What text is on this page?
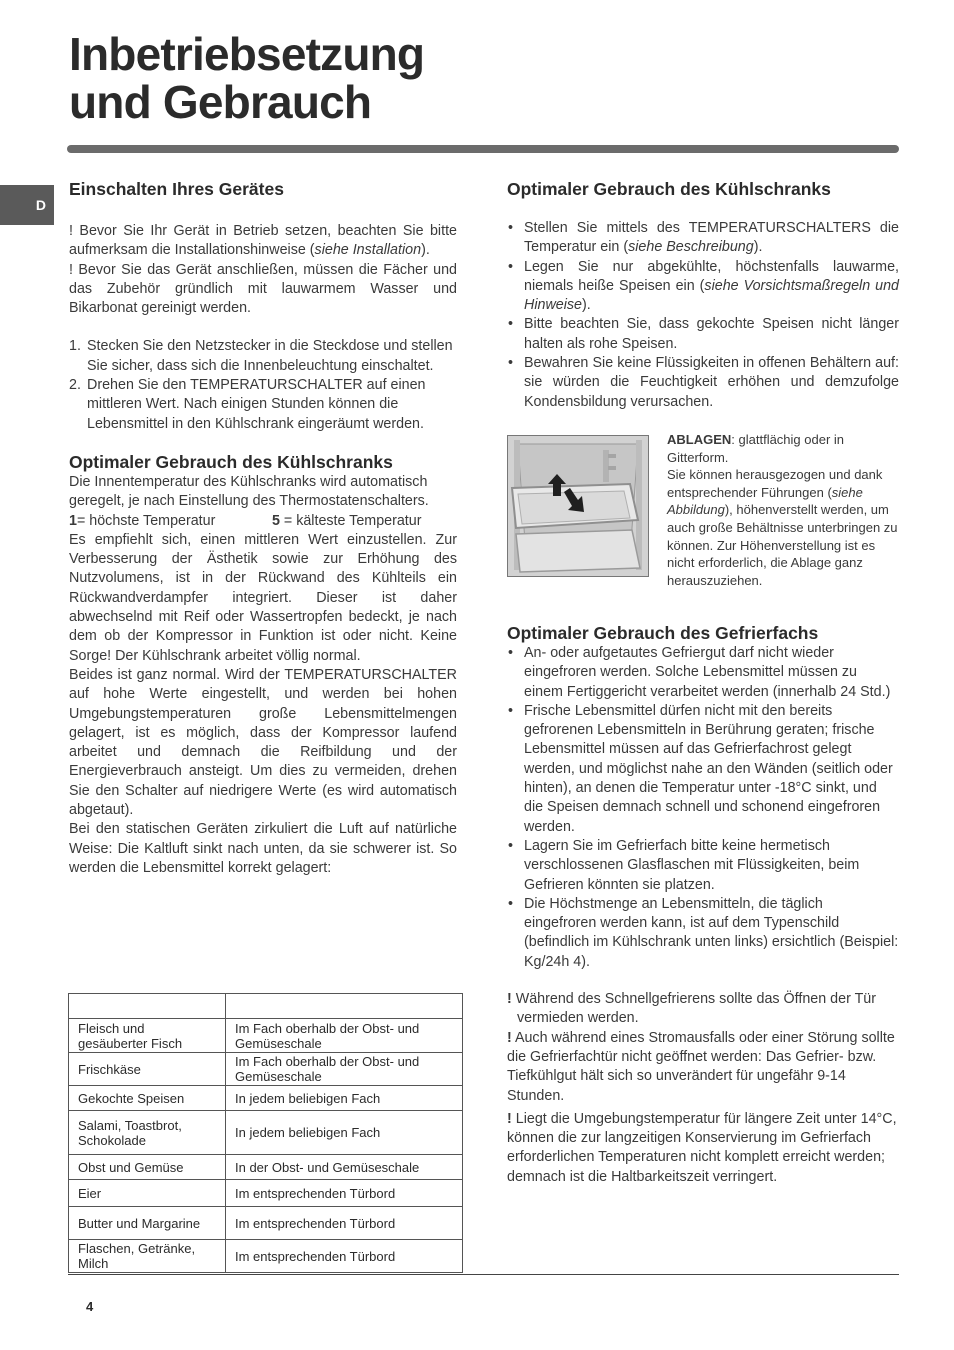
Inbetriebsetzung
und Gebrauch
D
Einschalten Ihres Gerätes

! Bevor Sie Ihr Gerät in Betrieb setzen, beachten Sie bitte aufmerksam die Installationshinweise (siehe Installation).

! Bevor Sie das Gerät anschließen, müssen die Fächer und das Zubehör gründlich mit lauwarmem Wasser und Bikarbonat gereinigt werden.

1. Stecken Sie den Netzstecker in die Steckdose und stellen Sie sicher, dass sich die Innenbeleuchtung einschaltet.
2. Drehen Sie den TEMPERATURSCHALTER auf einen mittleren Wert. Nach einigen Stunden können die Lebensmittel in den Kühlschrank eingeräumt werden.
Optimaler Gebrauch des Kühlschranks

Die Innentemperatur des Kühlschranks wird automatisch geregelt, je nach Einstellung des Thermostatenschalters.

1= höchste Temperatur	5 = kälteste Temperatur

Es empfiehlt sich, einen mittleren Wert einzustellen. Zur Verbesserung der Ästhetik sowie zur Erhöhung des Nutzvolumens, ist in der Rückwand des Kühlteils ein Rückwandverdampfer integriert. Dieser ist daher abwechselnd mit Reif oder Wassertropfen bedeckt, je nach dem ob der Kompressor in Funktion ist oder nicht. Keine Sorge! Der Kühlschrank arbeitet völlig normal.

Beides ist ganz normal. Wird der TEMPERATURSCHALTER auf hohe Werte eingestellt, und werden bei hohen Umgebungstemperaturen große Lebensmittelmengen gelagert, ist es möglich, dass der Kompressor laufend arbeitet und demnach die Reifbildung und der Energieverbrauch ansteigt. Um dies zu vermeiden, drehen Sie den Schalter auf niedrigere Werte (es wird automatisch abgetaut).

Bei den statischen Geräten zirkuliert die Luft auf natürliche Weise: Die Kaltluft sinkt nach unten, da sie schwerer ist. So werden die Lebensmittel korrekt gelagert:

Fleisch und gesäuberter Fisch	Im Fach oberhalb der Obst- und Gemüseschale
Frischkäse	Im Fach oberhalb der Obst- und Gemüseschale
Gekochte Speisen	In jedem beliebigen Fach
Salami, Toastbrot, Schokolade	In jedem beliebigen Fach
Obst und Gemüse	In der Obst- und Gemüseschale
Eier	Im entsprechenden Türbord
Butter und Margarine	Im entsprechenden Türbord
Flaschen, Getränke, Milch	Im entsprechenden Türbord
Optimaler Gebrauch des Kühlschranks
• Stellen Sie mittels des TEMPERATURSCHALTERS die Temperatur ein (siehe Beschreibung).
• Legen Sie nur abgekühlte, höchstenfalls lauwarme, niemals heiße Speisen ein (siehe Vorsichtsmaßregeln und Hinweise).
• Bitte beachten Sie, dass gekochte Speisen nicht länger halten als rohe Speisen.
• Bewahren Sie keine Flüssigkeiten in offenen Behältern auf: sie würden die Feuchtigkeit erhöhen und demzufolge Kondensbildung verursachen.

ABLAGEN: glattflächig oder in Gitterform.

Sie können herausgezogen und dank entsprechender Führungen (siehe Abbildung), höhenverstellt werden, um auch große Behältnisse unterbringen zu können. Zur Höhenverstellung ist es nicht erforderlich, die Ablage ganz herauszuziehen.

Optimaler Gebrauch des Gefrierfachs
• An- oder aufgetautes Gefriergut darf nicht wieder eingefroren werden. Solche Lebensmittel müssen zu einem Fertiggericht verarbeitet werden (innerhalb 24 Std.)
• Frische Lebensmittel dürfen nicht mit den bereits gefrorenen Lebensmitteln in Berührung geraten; frische Lebensmittel müssen auf das Gefrierfachrost gelegt werden, und möglichst nahe an den Wänden (seitlich oder hinten), an denen die Temperatur unter -18°C sinkt, und die Speisen demnach schnell und schonend eingefroren werden.
• Lagern Sie im Gefrierfach bitte keine hermetisch verschlossenen Glasflaschen mit Flüssigkeiten, beim Gefrieren könnten sie platzen.
• Die Höchstmenge an Lebensmitteln, die täglich eingefroren werden kann, ist auf dem Typenschild (befindlich im Kühlschrank unten links) ersichtlich (Beispiel: Kg/24h 4).

! Während des Schnellgefrierens sollte das Öffnen der Tür vermieden werden.

! Auch während eines Stromausfalls oder einer Störung sollte die Gefrierfachtür nicht geöffnet werden: Das Gefrier- bzw. Tiefkühlgut hält sich so unverändert für ungefähr 9-14 Stunden.

! Liegt die Umgebungstemperatur für längere Zeit unter 14°C, können die zur langzeitigen Konservierung im Gefrierfach erforderlichen Temperaturen nicht komplett erreicht werden; demnach ist die Haltbarkeitszeit verringert.

4
